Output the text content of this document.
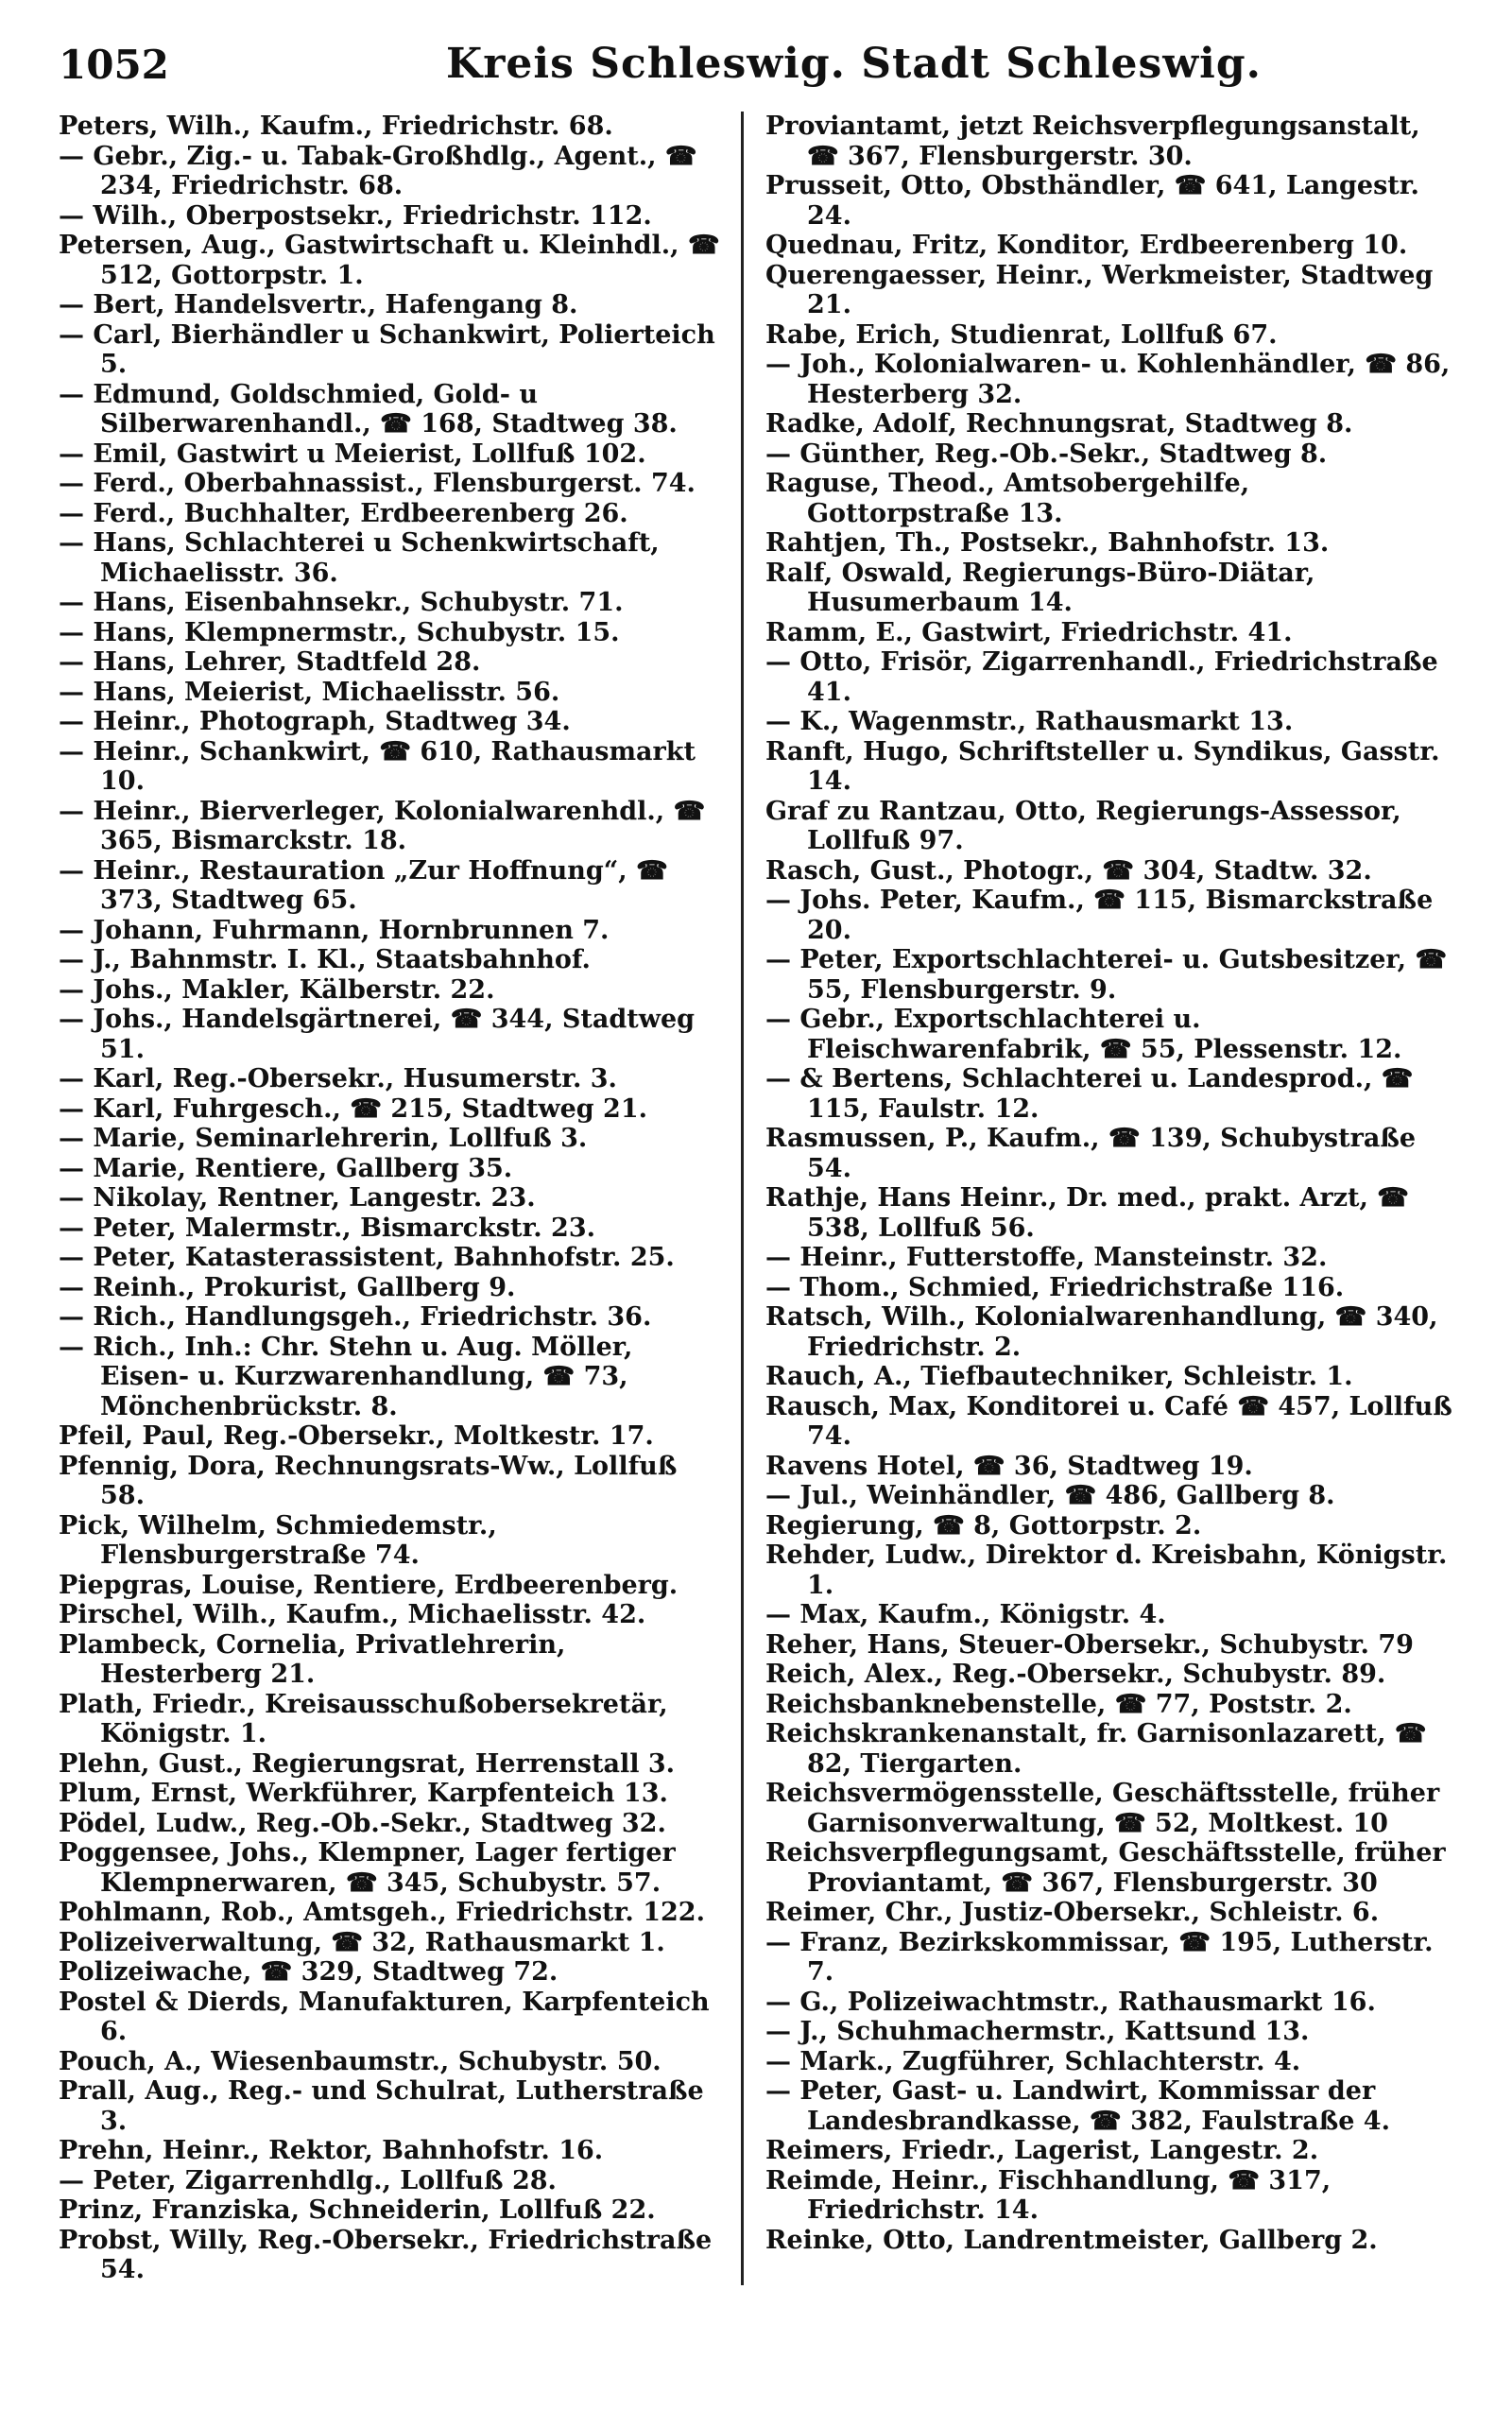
1052	Kreis Schleswig. Stadt Schleswig.

Peters, Wilh., Kaufm., Friedrichstr. 68.

— Gebr., Zig.- u. Tabak-Großhdlg., Agent., ☎ 234, Friedrichstr. 68.

— Wilh., Oberpostsekr., Friedrichstr. 112.

Petersen, Aug., Gastwirtschaft u. Kleinhdl., ☎ 512, Gottorpstr. 1.

— Bert, Handelsvertr., Hafengang 8.

— Carl, Bierhändler u Schankwirt, Polierteich 5.

— Edmund, Goldschmied, Gold- u Silberwarenhandl., ☎ 168, Stadtweg 38.

— Emil, Gastwirt u Meierist, Lollfuß 102.

— Ferd., Oberbahnassist., Flensburgerst. 74.

— Ferd., Buchhalter, Erdbeerenberg 26.

— Hans, Schlachterei u Schenkwirtschaft, Michaelisstr. 36.

— Hans, Eisenbahnsekr., Schubystr. 71.

— Hans, Klempnermstr., Schubystr. 15.

— Hans, Lehrer, Stadtfeld 28.

— Hans, Meierist, Michaelisstr. 56.

— Heinr., Photograph, Stadtweg 34.

— Heinr., Schankwirt, ☎ 610, Rathausmarkt 10.

— Heinr., Bierverleger, Kolonialwarenhdl., ☎ 365, Bismarckstr. 18.

— Heinr., Restauration „Zur Hoffnung“, ☎ 373, Stadtweg 65.

— Johann, Fuhrmann, Hornbrunnen 7.

— J., Bahnmstr. I. Kl., Staatsbahnhof.

— Johs., Makler, Kälberstr. 22.

— Johs., Handelsgärtnerei, ☎ 344, Stadtweg 51.

— Karl, Reg.-Obersekr., Husumerstr. 3.

— Karl, Fuhrgesch., ☎ 215, Stadtweg 21.

— Marie, Seminarlehrerin, Lollfuß 3.

— Marie, Rentiere, Gallberg 35.

— Nikolay, Rentner, Langestr. 23.

— Peter, Malermstr., Bismarckstr. 23.

— Peter, Katasterassistent, Bahnhofstr. 25.

— Reinh., Prokurist, Gallberg 9.

— Rich., Handlungsgeh., Friedrichstr. 36.

— Rich., Inh.: Chr. Stehn u. Aug. Möller, Eisen- u. Kurzwarenhandlung, ☎ 73, Mönchenbrückstr. 8.

Pfeil, Paul, Reg.-Obersekr., Moltkestr. 17.

Pfennig, Dora, Rechnungsrats-Ww., Lollfuß 58.

Pick, Wilhelm, Schmiedemstr., Flensburgerstraße 74.

Piepgras, Louise, Rentiere, Erdbeerenberg.

Pirschel, Wilh., Kaufm., Michaelisstr. 42.

Plambeck, Cornelia, Privatlehrerin, Hesterberg 21.

Plath, Friedr., Kreisausschußobersekretär, Königstr. 1.

Plehn, Gust., Regierungsrat, Herrenstall 3.

Plum, Ernst, Werkführer, Karpfenteich 13.

Pödel, Ludw., Reg.-Ob.-Sekr., Stadtweg 32.

Poggensee, Johs., Klempner, Lager fertiger Klempnerwaren, ☎ 345, Schubystr. 57.

Pohlmann, Rob., Amtsgeh., Friedrichstr. 122.

Polizeiverwaltung, ☎ 32, Rathausmarkt 1.

Polizeiwache, ☎ 329, Stadtweg 72.

Postel & Dierds, Manufakturen, Karpfenteich 6.

Pouch, A., Wiesenbaumstr., Schubystr. 50.

Prall, Aug., Reg.- und Schulrat, Lutherstraße 3.

Prehn, Heinr., Rektor, Bahnhofstr. 16.

— Peter, Zigarrenhdlg., Lollfuß 28.

Prinz, Franziska, Schneiderin, Lollfuß 22.

Probst, Willy, Reg.-Obersekr., Friedrichstraße 54.

Proviantamt, jetzt Reichsverpflegungsanstalt, ☎ 367, Flensburgerstr. 30.

Prusseit, Otto, Obsthändler, ☎ 641, Langestr. 24.

Quednau, Fritz, Konditor, Erdbeerenberg 10.

Querengaesser, Heinr., Werkmeister, Stadtweg 21.

Rabe, Erich, Studienrat, Lollfuß 67.

— Joh., Kolonialwaren- u. Kohlenhändler, ☎ 86, Hesterberg 32.

Radke, Adolf, Rechnungsrat, Stadtweg 8.

— Günther, Reg.-Ob.-Sekr., Stadtweg 8.

Raguse, Theod., Amtsobergehilfe, Gottorpstraße 13.

Rahtjen, Th., Postsekr., Bahnhofstr. 13.

Ralf, Oswald, Regierungs-Büro-Diätar, Husumerbaum 14.

Ramm, E., Gastwirt, Friedrichstr. 41.

— Otto, Frisör, Zigarrenhandl., Friedrichstraße 41.

— K., Wagenmstr., Rathausmarkt 13.

Ranft, Hugo, Schriftsteller u. Syndikus, Gasstr. 14.

Graf zu Rantzau, Otto, Regierungs-Assessor, Lollfuß 97.

Rasch, Gust., Photogr., ☎ 304, Stadtw. 32.

— Johs. Peter, Kaufm., ☎ 115, Bismarckstraße 20.

— Peter, Exportschlachterei- u. Gutsbesitzer, ☎ 55, Flensburgerstr. 9.

— Gebr., Exportschlachterei u. Fleischwarenfabrik, ☎ 55, Plessenstr. 12.

— & Bertens, Schlachterei u. Landesprod., ☎ 115, Faulstr. 12.

Rasmussen, P., Kaufm., ☎ 139, Schubystraße 54.

Rathje, Hans Heinr., Dr. med., prakt. Arzt, ☎ 538, Lollfuß 56.

— Heinr., Futterstoffe, Mansteinstr. 32.

— Thom., Schmied, Friedrichstraße 116.

Ratsch, Wilh., Kolonialwarenhandlung, ☎ 340, Friedrichstr. 2.

Rauch, A., Tiefbautechniker, Schleistr. 1.

Rausch, Max, Konditorei u. Café ☎ 457, Lollfuß 74.

Ravens Hotel, ☎ 36, Stadtweg 19.

— Jul., Weinhändler, ☎ 486, Gallberg 8.

Regierung, ☎ 8, Gottorpstr. 2.

Rehder, Ludw., Direktor d. Kreisbahn, Königstr. 1.

— Max, Kaufm., Königstr. 4.

Reher, Hans, Steuer-Obersekr., Schubystr. 79

Reich, Alex., Reg.-Obersekr., Schubystr. 89.

Reichsbanknebenstelle, ☎ 77, Poststr. 2.

Reichskrankenanstalt, fr. Garnisonlazarett, ☎ 82, Tiergarten.

Reichsvermögensstelle, Geschäftsstelle, früher Garnisonverwaltung, ☎ 52, Moltkest. 10

Reichsverpflegungsamt, Geschäftsstelle, früher Proviantamt, ☎ 367, Flensburgerstr. 30

Reimer, Chr., Justiz-Obersekr., Schleistr. 6.

— Franz, Bezirkskommissar, ☎ 195, Lutherstr. 7.

— G., Polizeiwachtmstr., Rathausmarkt 16.

— J., Schuhmachermstr., Kattsund 13.

— Mark., Zugführer, Schlachterstr. 4.

— Peter, Gast- u. Landwirt, Kommissar der Landesbrandkasse, ☎ 382, Faulstraße 4.

Reimers, Friedr., Lagerist, Langestr. 2.

Reimde, Heinr., Fischhandlung, ☎ 317, Friedrichstr. 14.

Reinke, Otto, Landrentmeister, Gallberg 2.
